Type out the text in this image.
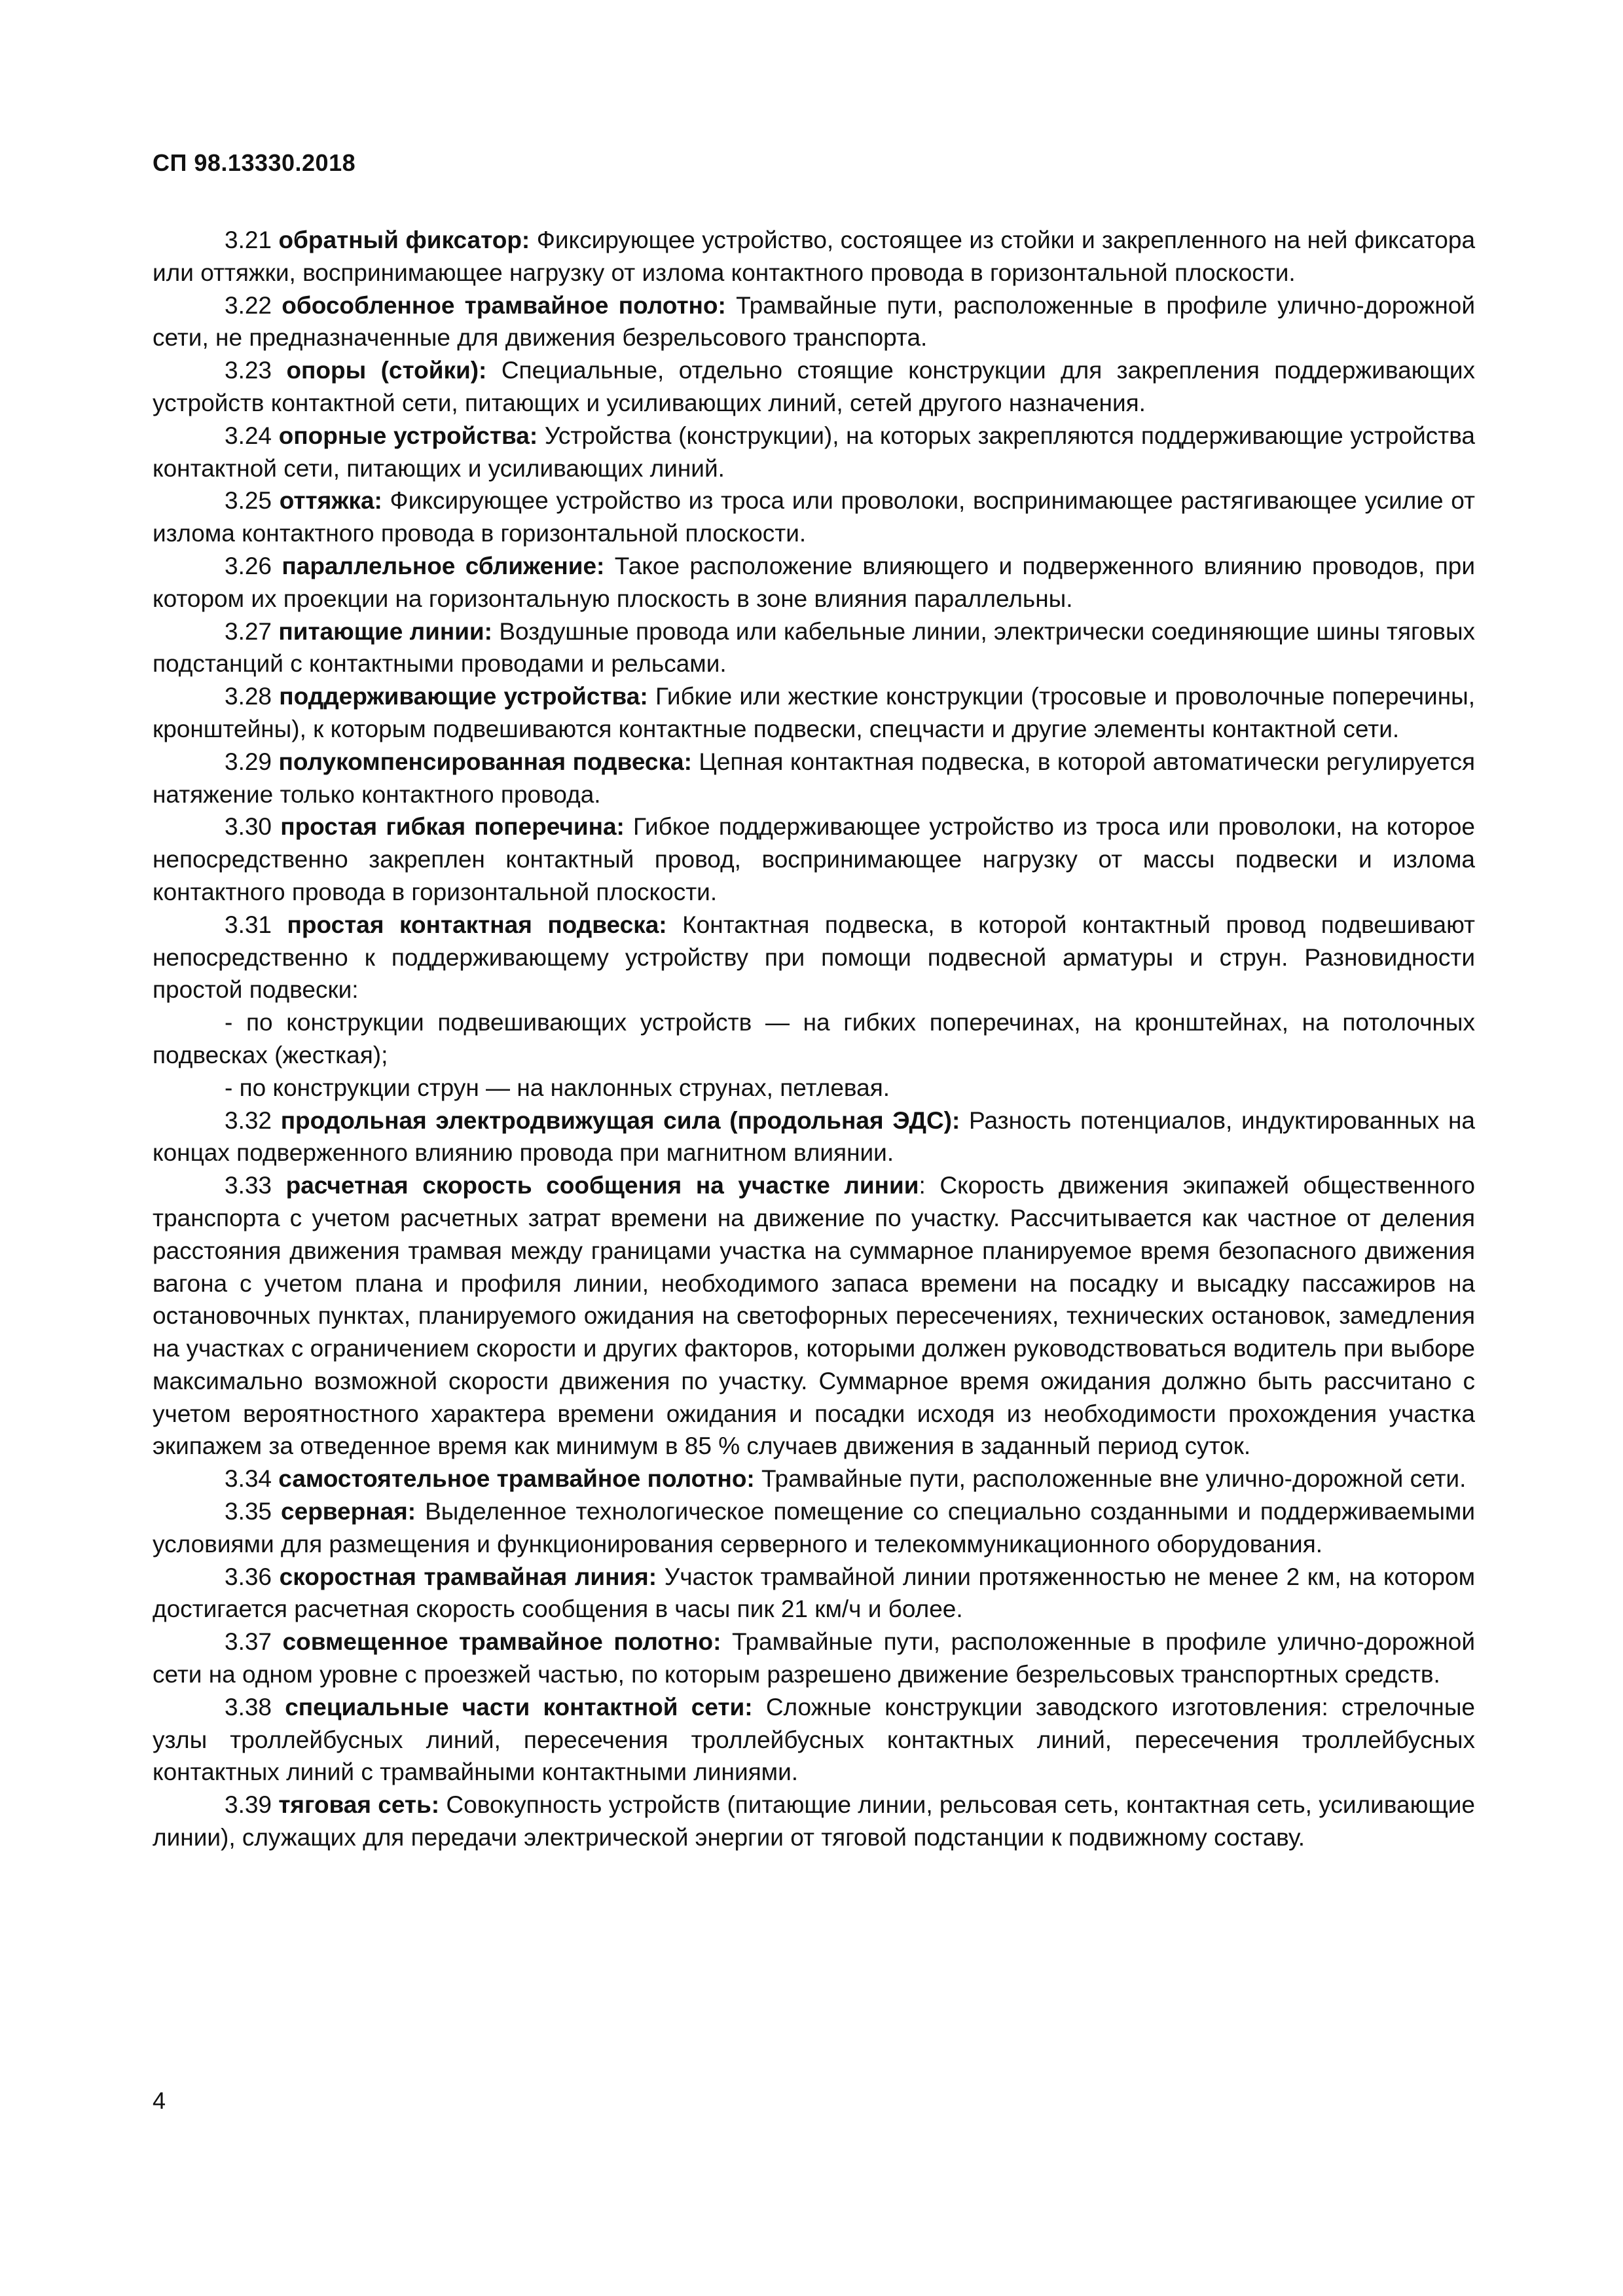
СП 98.13330.2018

3.21 обратный фиксатор: Фиксирующее устройство, состоящее из стойки и закрепленного на ней фиксатора или оттяжки, воспринимающее нагрузку от излома контактного провода в горизонтальной плоскости.

3.22 обособленное трамвайное полотно: Трамвайные пути, расположенные в профиле улично-дорожной сети, не предназначенные для движения безрельсового транспорта.

3.23 опоры (стойки): Специальные, отдельно стоящие конструкции для закрепления поддерживающих устройств контактной сети, питающих и усиливающих линий, сетей другого назначения.

3.24 опорные устройства: Устройства (конструкции), на которых закрепляются поддерживающие устройства контактной сети, питающих и усиливающих линий.

3.25 оттяжка: Фиксирующее устройство из троса или проволоки, воспринимающее растягивающее усилие от излома контактного провода в горизонтальной плоскости.

3.26 параллельное сближение: Такое расположение влияющего и подверженного влиянию проводов, при котором их проекции на горизонтальную плоскость в зоне влияния параллельны.

3.27 питающие линии: Воздушные провода или кабельные линии, электрически соединяющие шины тяговых подстанций с контактными проводами и рельсами.

3.28 поддерживающие устройства: Гибкие или жесткие конструкции (тросовые и проволочные поперечины, кронштейны), к которым подвешиваются контактные подвески, спецчасти и другие элементы контактной сети.

3.29 полукомпенсированная подвеска: Цепная контактная подвеска, в которой автоматически регулируется натяжение только контактного провода.

3.30 простая гибкая поперечина: Гибкое поддерживающее устройство из троса или проволоки, на которое непосредственно закреплен контактный провод, воспринимающее нагрузку от массы подвески и излома контактного провода в горизонтальной плоскости.

3.31 простая контактная подвеска: Контактная подвеска, в которой контактный провод подвешивают непосредственно к поддерживающему устройству при помощи подвесной арматуры и струн. Разновидности простой подвески:

- по конструкции подвешивающих устройств — на гибких поперечинах, на кронштейнах, на потолочных подвесках (жесткая);

- по конструкции струн — на наклонных струнах, петлевая.

3.32 продольная электродвижущая сила (продольная ЭДС): Разность потенциалов, индуктированных на концах подверженного влиянию провода при магнитном влиянии.

3.33 расчетная скорость сообщения на участке линии: Скорость движения экипажей общественного транспорта с учетом расчетных затрат времени на движение по участку. Рассчитывается как частное от деления расстояния движения трамвая между границами участка на суммарное планируемое время безопасного движения вагона с учетом плана и профиля линии, необходимого запаса времени на посадку и высадку пассажиров на остановочных пунктах, планируемого ожидания на светофорных пересечениях, технических остановок, замедления на участках с ограничением скорости и других факторов, которыми должен руководствоваться водитель при выборе максимально возможной скорости движения по участку. Суммарное время ожидания должно быть рассчитано с учетом вероятностного характера времени ожидания и посадки исходя из необходимости прохождения участка экипажем за отведенное время как минимум в 85 % случаев движения в заданный период суток.

3.34 самостоятельное трамвайное полотно: Трамвайные пути, расположенные вне улично-дорожной сети.

3.35 серверная: Выделенное технологическое помещение со специально созданными и поддерживаемыми условиями для размещения и функционирования серверного и телекоммуникационного оборудования.

3.36 скоростная трамвайная линия: Участок трамвайной линии протяженностью не менее 2 км, на котором достигается расчетная скорость сообщения в часы пик 21 км/ч и более.

3.37 совмещенное трамвайное полотно: Трамвайные пути, расположенные в профиле улично-дорожной сети на одном уровне с проезжей частью, по которым разрешено движение безрельсовых транспортных средств.

3.38 специальные части контактной сети: Сложные конструкции заводского изготовления: стрелочные узлы троллейбусных линий, пересечения троллейбусных контактных линий, пересечения троллейбусных контактных линий с трамвайными контактными линиями.

3.39 тяговая сеть: Совокупность устройств (питающие линии, рельсовая сеть, контактная сеть, усиливающие линии), служащих для передачи электрической энергии от тяговой подстанции к подвижному составу.

4
